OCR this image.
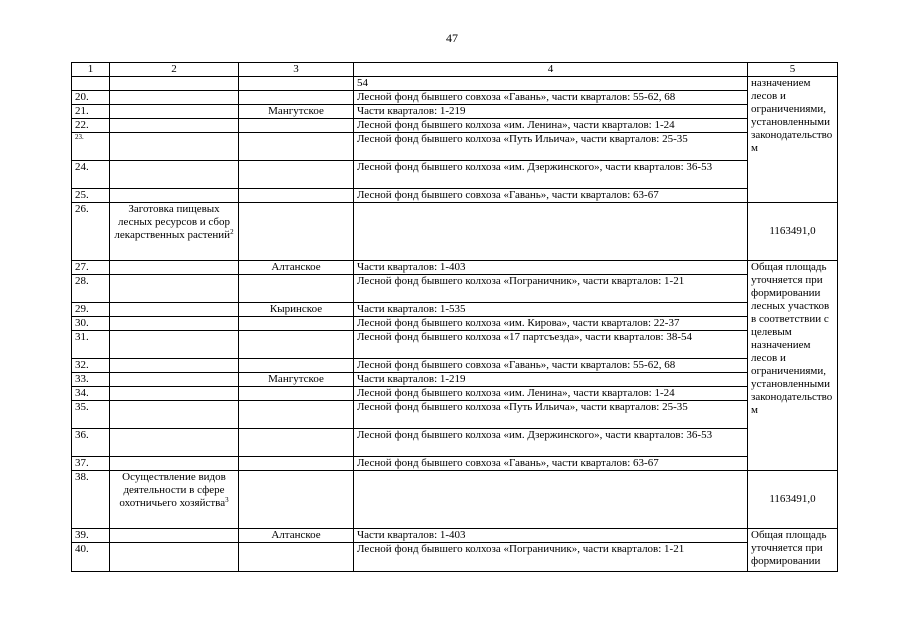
47
1	2	3	4	5
			54	назначением лесов и ограничениями, установленными законодательство м
20.			Лесной фонд бывшего совхоза «Гавань», части кварталов: 55-62, 68	
21.		Мангутское	Части кварталов: 1-219	
22.			Лесной фонд бывшего колхоза «им. Ленина», части кварталов: 1-24	
23.			Лесной фонд бывшего колхоза «Путь Ильича», части кварталов: 25-35	
24.			Лесной фонд бывшего колхоза «им. Дзержинского», части кварталов: 36-53	
25.			Лесной фонд бывшего совхоза «Гавань», части кварталов: 63-67	
26.	Заготовка пищевых лесных ресурсов и сбор лекарственных растений$^2$			1163491,0
27.		Алтанское	Части кварталов: 1-403	Общая площадь уточняется при формировании лесных участков в соответствии с целевым назначением лесов и ограничениями, установленными законодательство м
28.			Лесной фонд бывшего колхоза «Пограничник», части кварталов: 1-21	
29.		Кыринское	Части кварталов: 1-535	
30.			Лесной фонд бывшего колхоза «им. Кирова», части кварталов: 22-37	
31.			Лесной фонд бывшего колхоза «17 партсъезда», части кварталов: 38-54	
32.			Лесной фонд бывшего совхоза «Гавань», части кварталов: 55-62, 68	
33.		Мангутское	Части кварталов: 1-219	
34.			Лесной фонд бывшего колхоза «им. Ленина», части кварталов: 1-24	
35.			Лесной фонд бывшего колхоза «Путь Ильича», части кварталов: 25-35	
36.			Лесной фонд бывшего колхоза «им. Дзержинского», части кварталов: 36-53	
37.			Лесной фонд бывшего совхоза «Гавань», части кварталов: 63-67	
38.	Осуществление видов деятельности в сфере охотничьего хозяйства$^3$			1163491,0
39.		Алтанское	Части кварталов: 1-403	Общая площадь уточняется при формировании
40.			Лесной фонд бывшего колхоза «Пограничник», части кварталов: 1-21	
